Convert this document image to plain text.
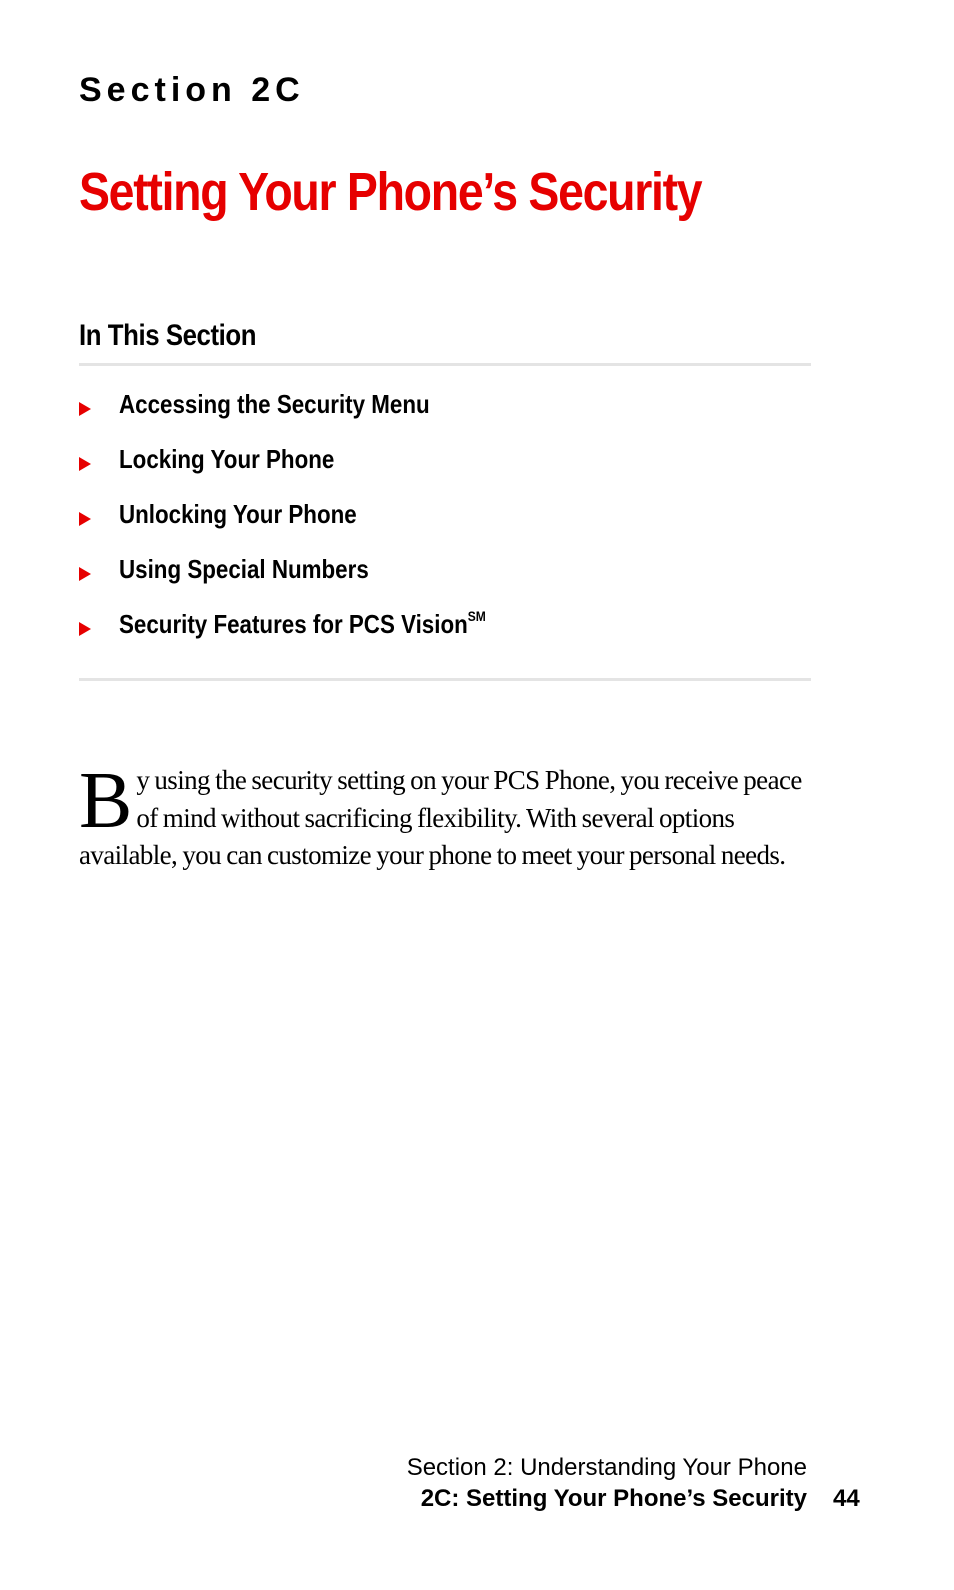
Section 2C
Setting Your Phone’s Security
In This Section
Accessing the Security Menu
Locking Your Phone
Unlocking Your Phone
Using Special Numbers
Security Features for PCS Vision℠

By using the security setting on your PCS Phone, you receive peace of mind without sacrificing flexibility. With several options available, you can customize your phone to meet your personal needs.

Section 2: Understanding Your Phone

2C: Setting Your Phone’s Security 44
